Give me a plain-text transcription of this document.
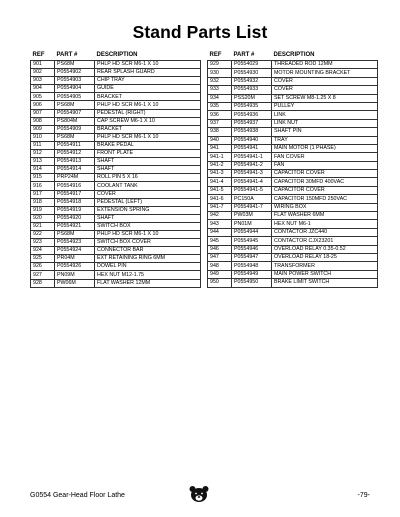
Stand Parts List
REF	PART #	DESCRIPTION
901	PS68M	PHLP HD SCR M6-1 X 10
902	P0554902	REAR SPLASH GUARD
903	P0554903	CHIP TRAY
904	P0554904	GUIDE
905	P0554905	BRACKET
906	PS68M	PHLP HD SCR M6-1 X 10
907	P0554907	PEDESTAL (RIGHT)
908	PS804M	CAP SCREW M6-1 X 10
909	P0554909	BRACKET
910	PS68M	PHLP HD SCR M6-1 X 10
911	P0554911	BRAKE PEDAL
912	P0554912	FRONT PLATE
913	P0554913	SHAFT
914	P0554914	SHAFT
915	PRP24M	ROLL PIN 5 X 16
916	P0554916	COOLANT TANK
917	P0554917	COVER
918	P0554918	PEDESTAL (LEFT)
919	P0554919	EXTENSION SPRING
920	P0554920	SHAFT
921	P0554921	SWITCH BOX
922	PS68M	PHLP HD SCR M6-1 X 10
923	P0554923	SWITCH BOX COVER
924	P0554924	CONNECTOR BAR
925	PR04M	EXT RETAINING RING 6MM
926	P0554926	DOWEL PIN
927	PN09M	HEX NUT M12-1.75
928	PW06M	FLAT WASHER 12MM
REF	PART #	DESCRIPTION
929	P0554029	THREADED ROD 12MM
930	P0554930	MOTOR MOUNTING BRACKET
932	P0554932	COVER
933	P0554933	COVER
934	PSS20M	SET SCREW M8-1.25 X 8
935	P0554935	PULLEY
936	P0554936	LINK
937	P0554937	LINK NUT
938	P0554938	SHAFT PIN
940	P0554940	TRAY
941	P0554941	MAIN MOTOR (1 PHASE)
941-1	P0554941-1	FAN COVER
941-2	P0554941-2	FAN
941-3	P0554941-3	CAPACITOR COVER
941-4	P0554941-4	CAPACITOR 30MFD 400VAC
941-5	P0554941-5	CAPACITOR COVER
941-6	PC150A	CAPACITOR 150MFD 250VAC
941-7	P0554941-7	WIRING BOX
942	PW03M	FLAT WASHER 6MM
943	PN01M	HEX NUT M6-1
944	P0554944	CONTACTOR JZC440
945	P0554945	CONTACTOR CJX23201
946	P0554946	OVERLOAD RELAY 0.35-0.52
947	P0554947	OVERLOAD RELAY 18-25
948	P0554948	TRANSFORMER
949	P0554949	MAIN POWER SWITCH
950	P0554950	BRAKE LIMIT SWITCH
G0554 Gear-Head Floor Lathe	-79-
